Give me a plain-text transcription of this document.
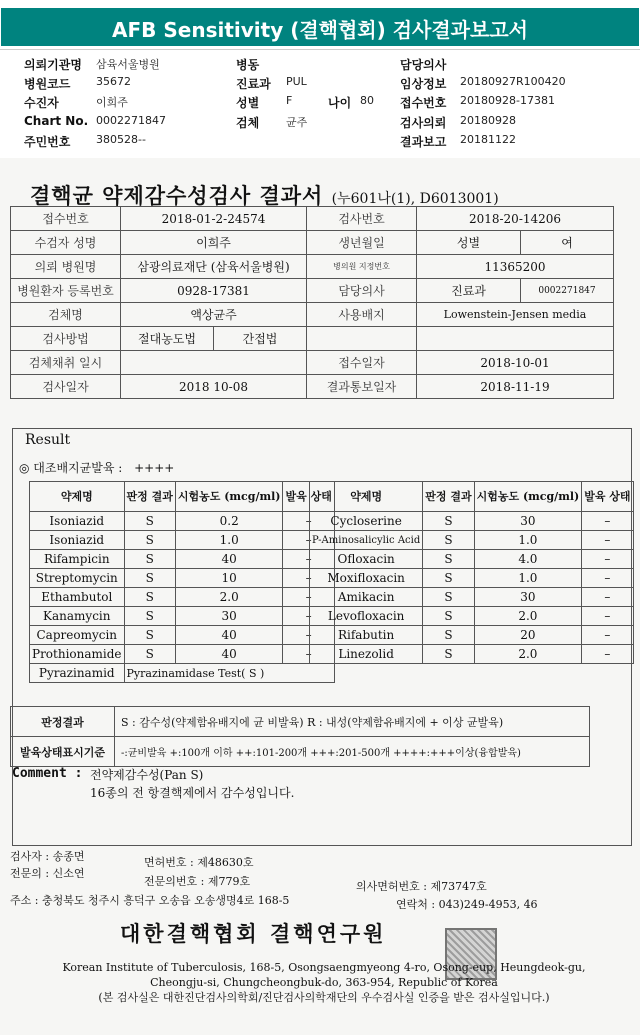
AFB Sensitivity (결핵협회) 검사결과보고서
의뢰기관명 삼육서울병원	병동	담당의사
병원코드 35672	진료과 PUL	임상정보 20180927R100420
수진자	이희주	성별 F	나이 80 접수번호 20180928-17381
Chart No. 0002271847	검체 균주	검사의뢰 20180928
주민번호 380528--	결과보고 20181122
결핵균 약제감수성검사 결과서 (누601나(1), D6013001)
접수번호	2018-01-2-24574		검사번호	2018-20-14206	
수검자 성명	이희주		생년월일	성별	여
의뢰 병원명	삼광의료재단 (삼육서울병원)		병의원 지정번호	11365200	
병원환자 등록번호	0928-17381		담당의사	진료과	0002271847
검체명	액상균주		사용배지	Lowenstein-Jensen media	
검사방법	절대농도법	간접법			
검체채취 일시			접수일자	2018-10-01	
검사일자	2018 10-08		결과통보일자	2018-11-19	
Result
◎ 대조배지균발육 : ++++
약제명	판정 결과	시험농도 (mcg/ml)	발육 상태
Isoniazid	S	0.2	–
Isoniazid	S	1.0	–
Rifampicin	S	40	–
Streptomycin	S	10	–
Ethambutol	S	2.0	–
Kanamycin	S	30	–
Capreomycin	S	40	–
Prothionamide	S	40	–
Pyrazinamid	Pyrazinamidase Test( S )		
약제명	판정 결과	시험농도 (mcg/ml)	발육 상태
Cycloserine	S	30	–
P-Aminosalicylic Acid	S	1.0	–
Ofloxacin	S	4.0	–
Moxifloxacin	S	1.0	–
Amikacin	S	30	–
Levofloxacin	S	2.0	–
Rifabutin	S	20	–
Linezolid	S	2.0	–
판정결과	S : 감수성(약제함유배지에 균 비발육) R : 내성(약제함유배지에 + 이상 균발육)
발육상태표시기준	-:균비발육 +:100개 이하 ++:101-200개 +++:201-500개 ++++:+++이상(융합발육)
Comment : 전약제감수성(Pan S)
16종의 전 항결핵제에서 감수성입니다.
검사자 : 송종면	면허번호 : 제48630호
전문의 : 신소연
전문의번호 : 제779호	의사면허번호 : 제73747호
주소 : 충청북도 청주시 흥덕구 오송읍 오송생명4로 168-5	연락처 : 043)249-4953, 46
대한결핵협회 결핵연구원
Korean Institute of Tuberculosis, 168-5, Osongsaengmyeong 4-ro, Osong-eup, Heungdeok-gu,
Cheongju-si, Chungcheongbuk-do, 363-954, Republic of Korea
(본 검사실은 대한진단검사의학회/진단검사의학재단의 우수검사실 인증을 받은 검사실입니다.)
